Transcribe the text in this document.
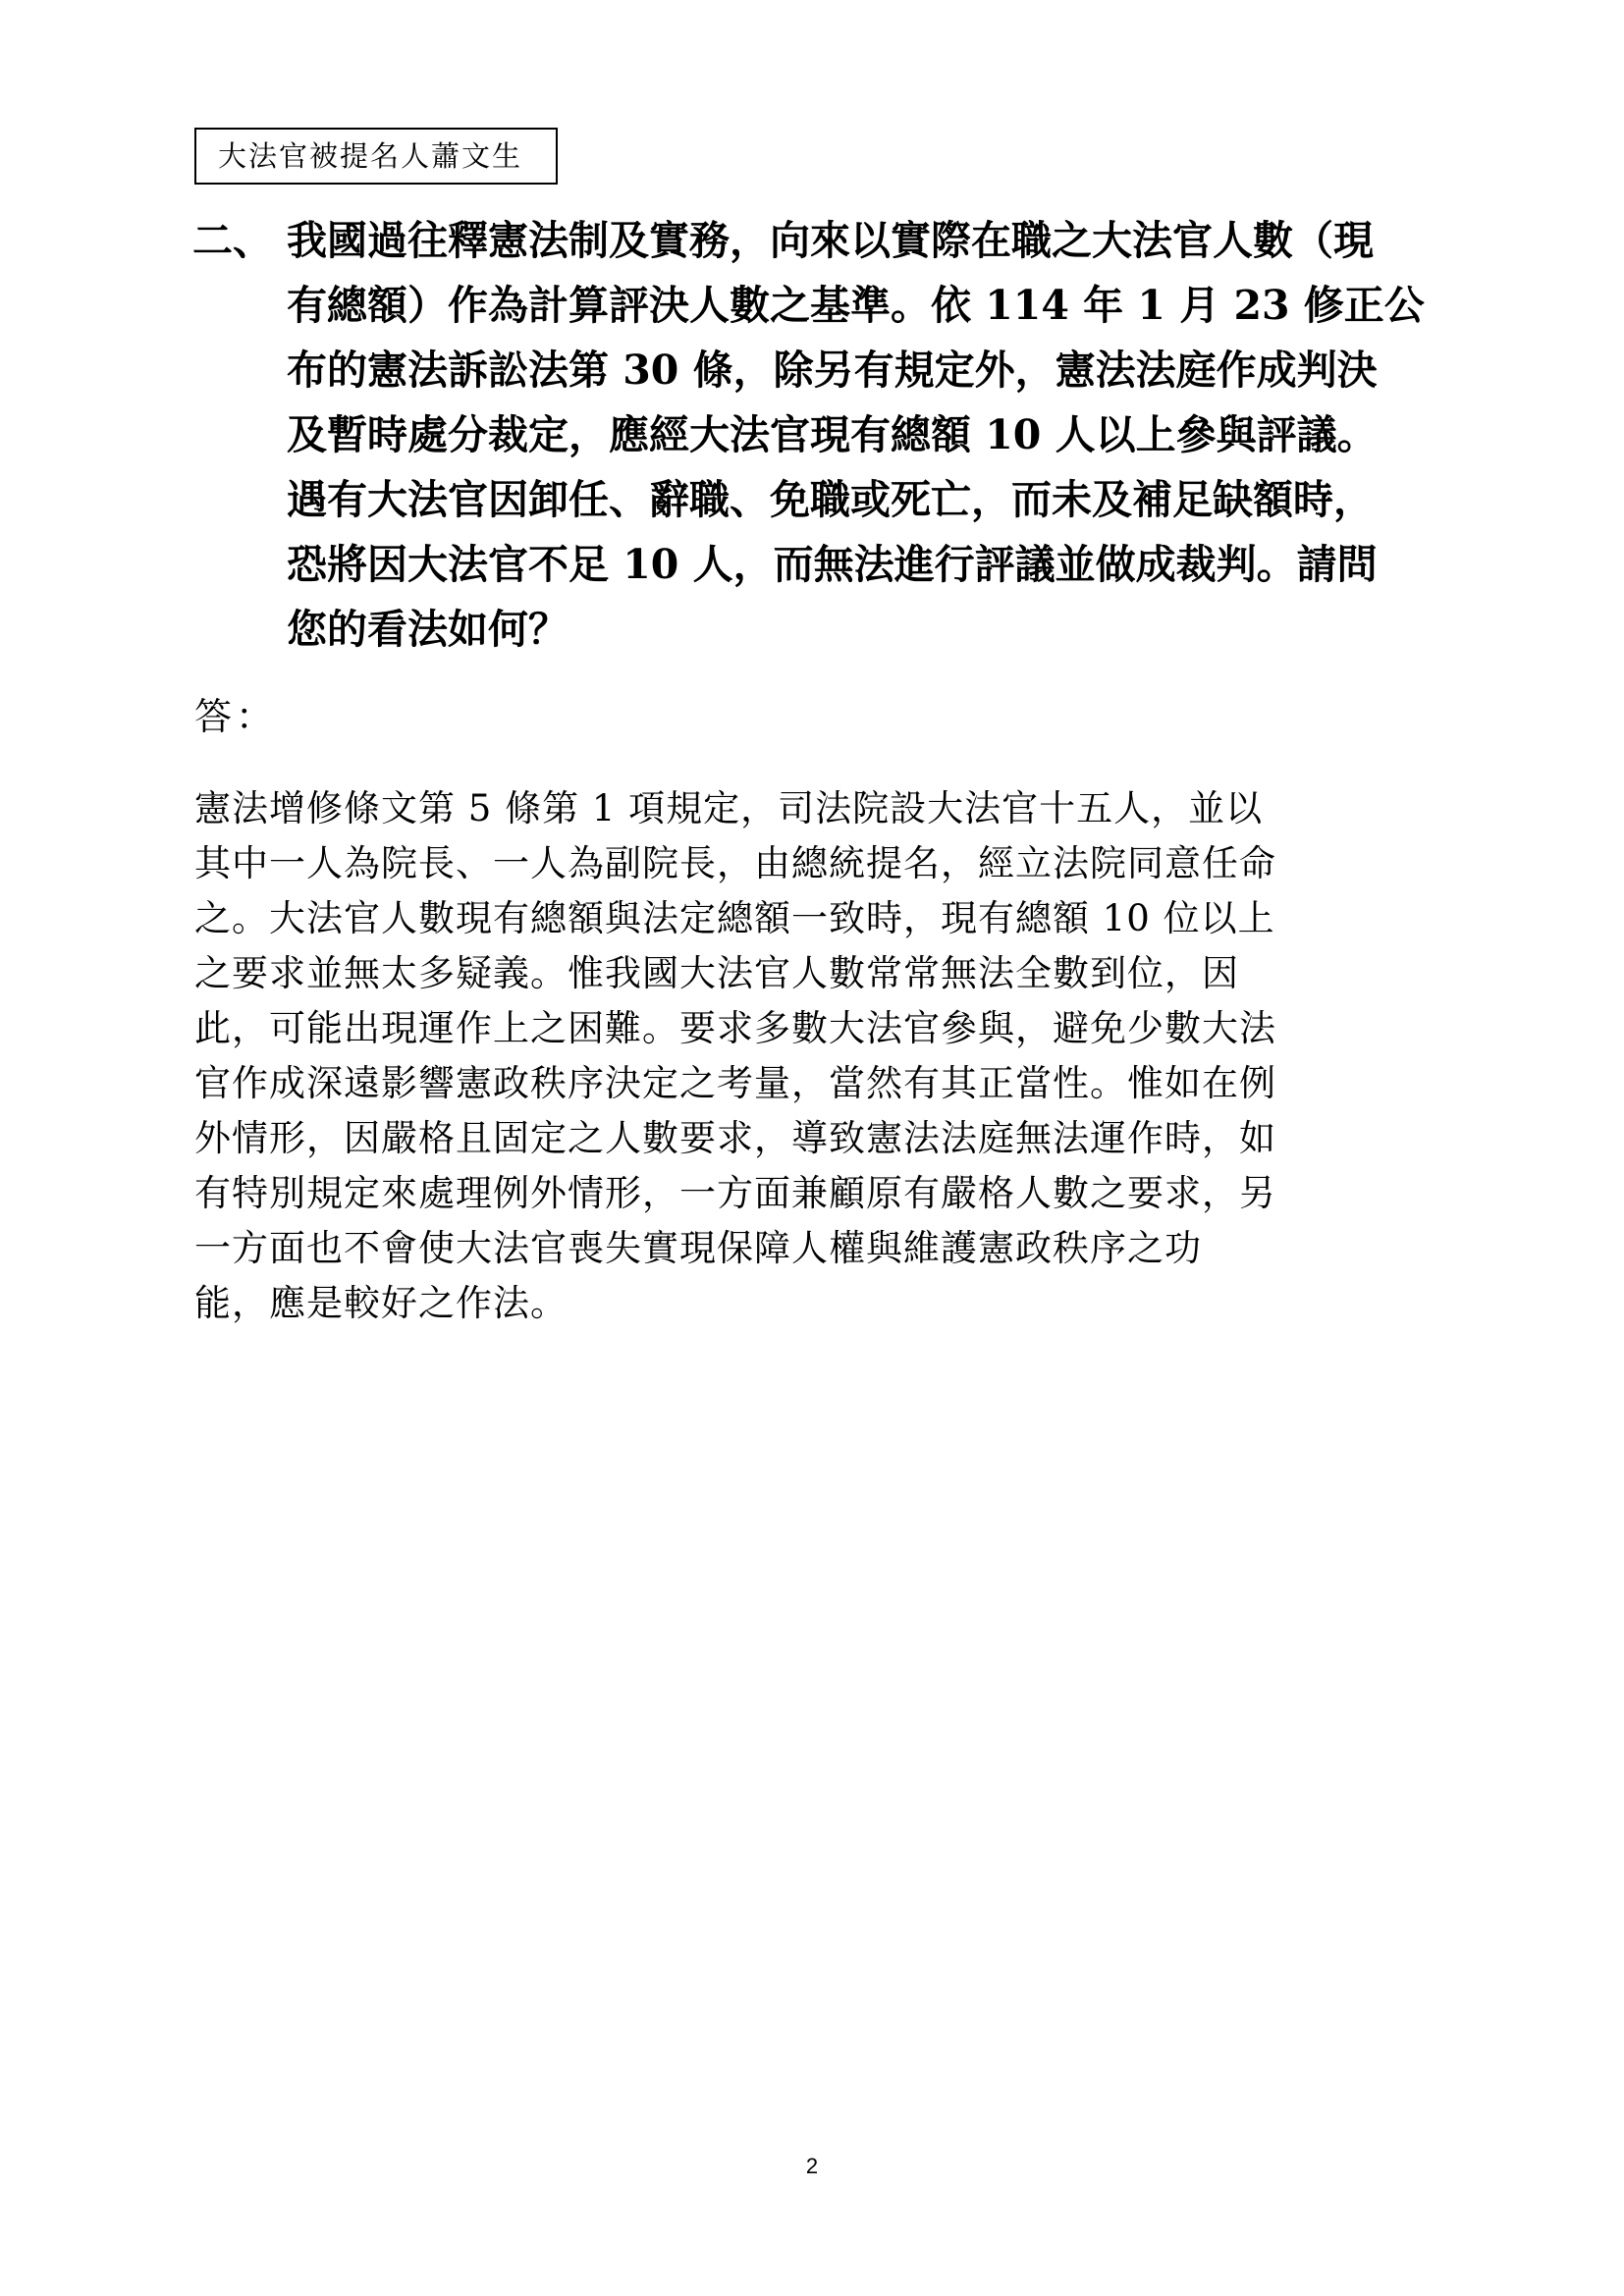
大法官被提名人蕭文生
二、 我國過往釋憲法制及實務，向來以實際在職之大法官人數（現
有總額）作為計算評決人數之基準。依 114 年 1 月 23 修正公
布的憲法訴訟法第 30 條，除另有規定外，憲法法庭作成判決
及暫時處分裁定，應經大法官現有總額 10 人以上參與評議。
遇有大法官因卸任、辭職、免職或死亡，而未及補足缺額時，
恐將因大法官不足 10 人，而無法進行評議並做成裁判。請問
您的看法如何？
答：
憲法增修條文第 5 條第 1 項規定，司法院設大法官十五人，並以
其中一人為院長、一人為副院長，由總統提名，經立法院同意任命
之。大法官人數現有總額與法定總額一致時，現有總額 10 位以上
之要求並無太多疑義。惟我國大法官人數常常無法全數到位，因
此，可能出現運作上之困難。要求多數大法官參與，避免少數大法
官作成深遠影響憲政秩序決定之考量，當然有其正當性。惟如在例
外情形，因嚴格且固定之人數要求，導致憲法法庭無法運作時，如
有特別規定來處理例外情形，一方面兼顧原有嚴格人數之要求，另
一方面也不會使大法官喪失實現保障人權與維護憲政秩序之功
能，應是較好之作法。
2
